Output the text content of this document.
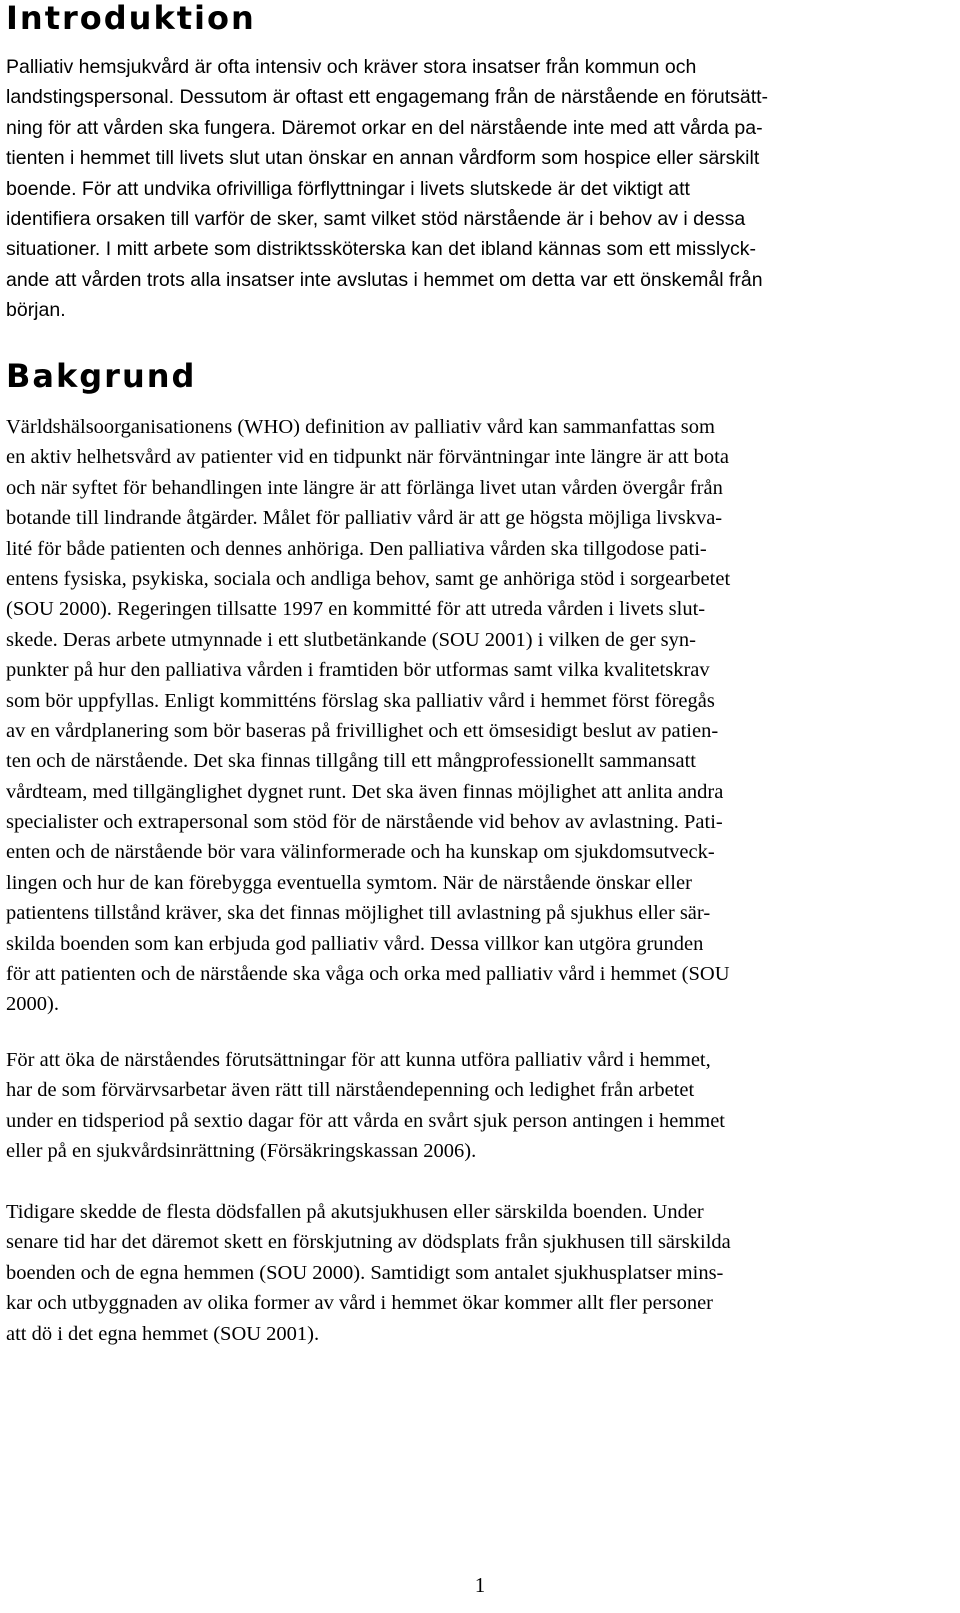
Introduktion

Palliativ hemsjukvård är ofta intensiv och kräver stora insatser från kommun och
landstingspersonal. Dessutom är oftast ett engagemang från de närstående en förutsätt-
ning för att vården ska fungera. Däremot orkar en del närstående inte med att vårda pa-
tienten i hemmet till livets slut utan önskar en annan vårdform som hospice eller särskilt
boende. För att undvika ofrivilliga förflyttningar i livets slutskede är det viktigt att
identifiera orsaken till varför de sker, samt vilket stöd närstående är i behov av i dessa
situationer. I mitt arbete som distriktssköterska kan det ibland kännas som ett misslyck-
ande att vården trots alla insatser inte avslutas i hemmet om detta var ett önskemål från
början.

Bakgrund

Världshälsoorganisationens (WHO) definition av palliativ vård kan sammanfattas som
en aktiv helhetsvård av patienter vid en tidpunkt när förväntningar inte längre är att bota
och när syftet för behandlingen inte längre är att förlänga livet utan vården övergår från
botande till lindrande åtgärder. Målet för palliativ vård är att ge högsta möjliga livskva-
lité för både patienten och dennes anhöriga. Den palliativa vården ska tillgodose pati-
entens fysiska, psykiska, sociala och andliga behov, samt ge anhöriga stöd i sorgearbetet
(SOU 2000). Regeringen tillsatte 1997 en kommitté för att utreda vården i livets slut-
skede. Deras arbete utmynnade i ett slutbetänkande (SOU 2001) i vilken de ger syn-
punkter på hur den palliativa vården i framtiden bör utformas samt vilka kvalitetskrav
som bör uppfyllas. Enligt kommitténs förslag ska palliativ vård i hemmet först föregås
av en vårdplanering som bör baseras på frivillighet och ett ömsesidigt beslut av patien-
ten och de närstående. Det ska finnas tillgång till ett mångprofessionellt sammansatt
vårdteam, med tillgänglighet dygnet runt. Det ska även finnas möjlighet att anlita andra
specialister och extrapersonal som stöd för de närstående vid behov av avlastning. Pati-
enten och de närstående bör vara välinformerade och ha kunskap om sjukdomsutveck-
lingen och hur de kan förebygga eventuella symtom. När de närstående önskar eller
patientens tillstånd kräver, ska det finnas möjlighet till avlastning på sjukhus eller sär-
skilda boenden som kan erbjuda god palliativ vård. Dessa villkor kan utgöra grunden
för att patienten och de närstående ska våga och orka med palliativ vård i hemmet (SOU
2000).

För att öka de närståendes förutsättningar för att kunna utföra palliativ vård i hemmet,
har de som förvärvsarbetar även rätt till närståendepenning och ledighet från arbetet
under en tidsperiod på sextio dagar för att vårda en svårt sjuk person antingen i hemmet
eller på en sjukvårdsinrättning (Försäkringskassan 2006).

Tidigare skedde de flesta dödsfallen på akutsjukhusen eller särskilda boenden. Under
senare tid har det däremot skett en förskjutning av dödsplats från sjukhusen till särskilda
boenden och de egna hemmen (SOU 2000). Samtidigt som antalet sjukhusplatser mins-
kar och utbyggnaden av olika former av vård i hemmet ökar kommer allt fler personer
att dö i det egna hemmet (SOU 2001).

1
